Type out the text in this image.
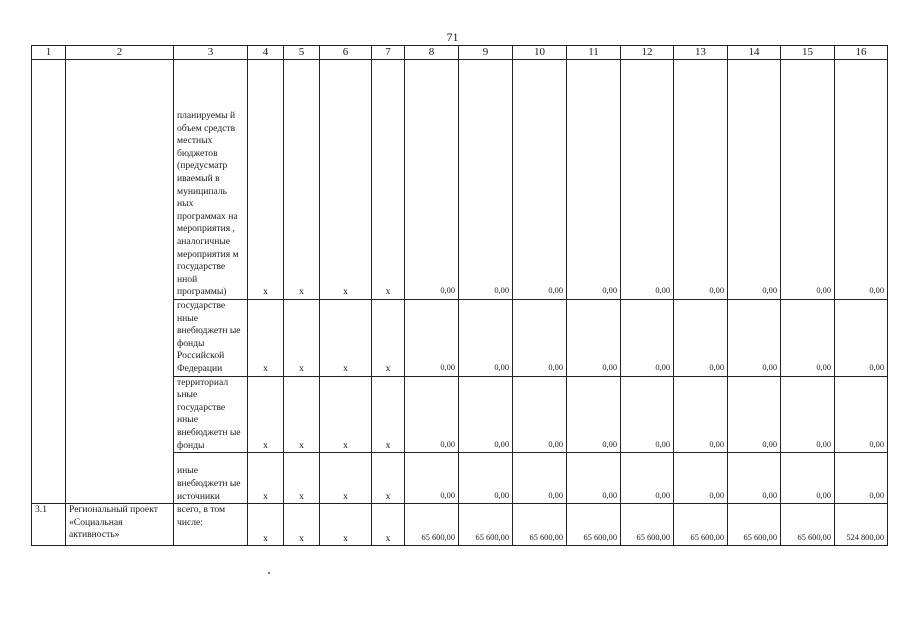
71
1	2	3	4	5	6	7	8	9	10	11	12	13	14	15	16
		планируемы й объем средств местных бюджетов (предусматр иваемый в муниципаль ных программах на мероприятия , аналогичные мероприятия м государстве нной программы)	x	x	x	x	0,00	0,00	0,00	0,00	0,00	0,00	0,00	0,00	0,00
		государстве нные внебюджетн ые фонды Российской Федерации	x	x	x	x	0,00	0,00	0,00	0,00	0,00	0,00	0,00	0,00	0,00
		территориал ьные государстве нные внебюджетн ые фонды	x	x	x	x	0,00	0,00	0,00	0,00	0,00	0,00	0,00	0,00	0,00
		иные внебюджетн ые источники	x	x	x	x	0,00	0,00	0,00	0,00	0,00	0,00	0,00	0,00	0,00
3.1	Региональный проект «Социальная активность»	всего, в том числе:	x	x	x	x	65 600,00	65 600,00	65 600,00	65 600,00	65 600,00	65 600,00	65 600,00	65 600,00	524 800,00
